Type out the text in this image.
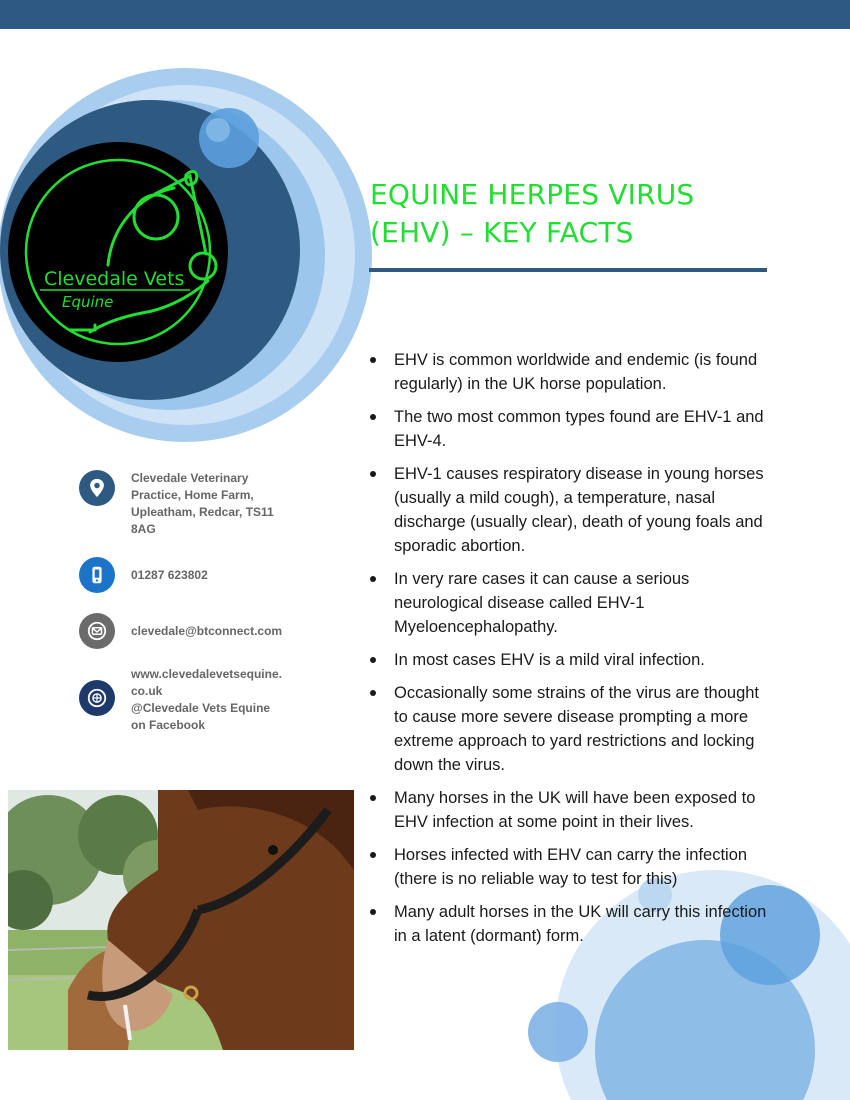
Clevedale Vets
Equine
EQUINE HERPES VIRUS
(EHV) – KEY FACTS
EHV is common worldwide and endemic (is found regularly) in the UK horse population.
The two most common types found are EHV-1 and EHV-4.
EHV-1 causes respiratory disease in young horses (usually a mild cough), a temperature, nasal discharge (usually clear), death of young foals and sporadic abortion.
In very rare cases it can cause a serious neurological disease called EHV-1 Myeloencephalopathy.
In most cases EHV is a mild viral infection.
Occasionally some strains of the virus are thought to cause more severe disease prompting a more extreme approach to yard restrictions and locking down the virus.
Many horses in the UK will have been exposed to EHV infection at some point in their lives.
Horses infected with EHV can carry the infection (there is no reliable way to test for this)
Many adult horses in the UK will carry this infection in a latent (dormant) form.

Clevedale Veterinary
Practice, Home Farm,
Upleatham, Redcar, TS11
8AG

01287 623802

clevedale@btconnect.com

www.clevedalevetsequine.
co.uk
@Clevedale Vets Equine
on Facebook
